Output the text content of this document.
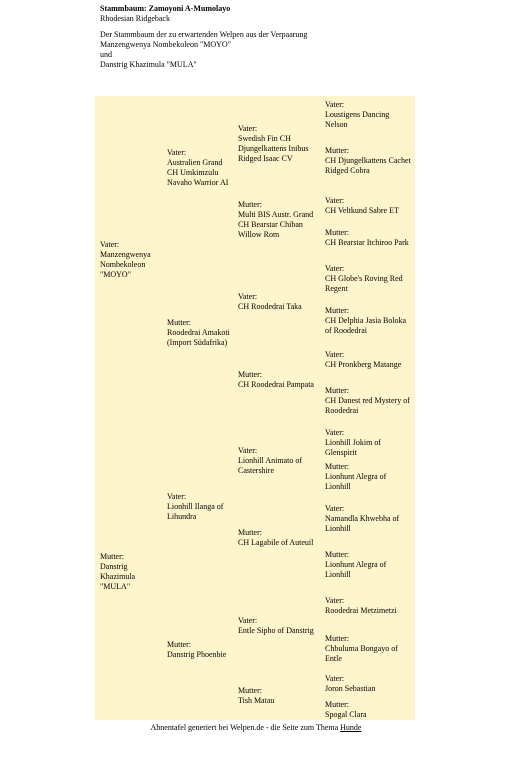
Stammbaum: Zamoyoni A-Mumolayo
Rhodesian Ridgeback
Der Stammbaum der zu erwartenden Welpen aus der Verpaarung
Manzengwenya Nombekoleon "MOYO"
und
Danstrig Khazimula "MULA"
Vater:
Manzengwenya Nombekoleon "MOYO"
Mutter:
Danstrig Khazimula "MULA"
Vater:
Australien Grand CH Umkimzulu Navaho Warrior AI
Mutter:
Roodedrai Amakoti (Import Südafrika)
Vater:
Lionhill Ilanga of Lihundra
Mutter:
Danstrig Phoenbie
Vater:
Swedish Fin CH Djungelkattens Inibus Ridged Isaac CV
Mutter:
Multi BIS Austr. Grand CH Bearstar Chiban Willow Rom
Vater:
CH Roodedrai Taka
Mutter:
CH Roodedrai Pampata
Vater:
Lionhill Animato of Castershire
Mutter:
CH Lagabile of Auteuil
Vater:
Entle Sipho of Danstrig
Mutter:
Tish Matau
Vater:
Loustigens Dancing Nelson
Mutter:
CH Djungelkattens Cachet Ridged Cobra
Vater:
CH Veltkund Sabre ET
Mutter:
CH Bearstar Itchiroo Park
Vater:
CH Globe's Roving Red Regent
Mutter:
CH Delphia Jasia Boloka of Roodedrai
Vater:
CH Pronkberg Matange
Mutter:
CH Danest red Mystery of Roodedrai
Vater:
Lionhill Jokim of Glenspirit
Mutter:
Lionhunt Alegra of Lionhill
Vater:
Namandla Khwebha of Lionhill
Mutter:
Lionhunt Alegra of Lionhill
Vater:
Roodedrai Metzimetzi
Mutter:
Chbuluma Bongayo of Entle
Vater:
Joron Sebastian
Mutter:
Spogal Clara
Ahnentafel generiert bei Welpen.de - die Seite zum Thema Hunde
